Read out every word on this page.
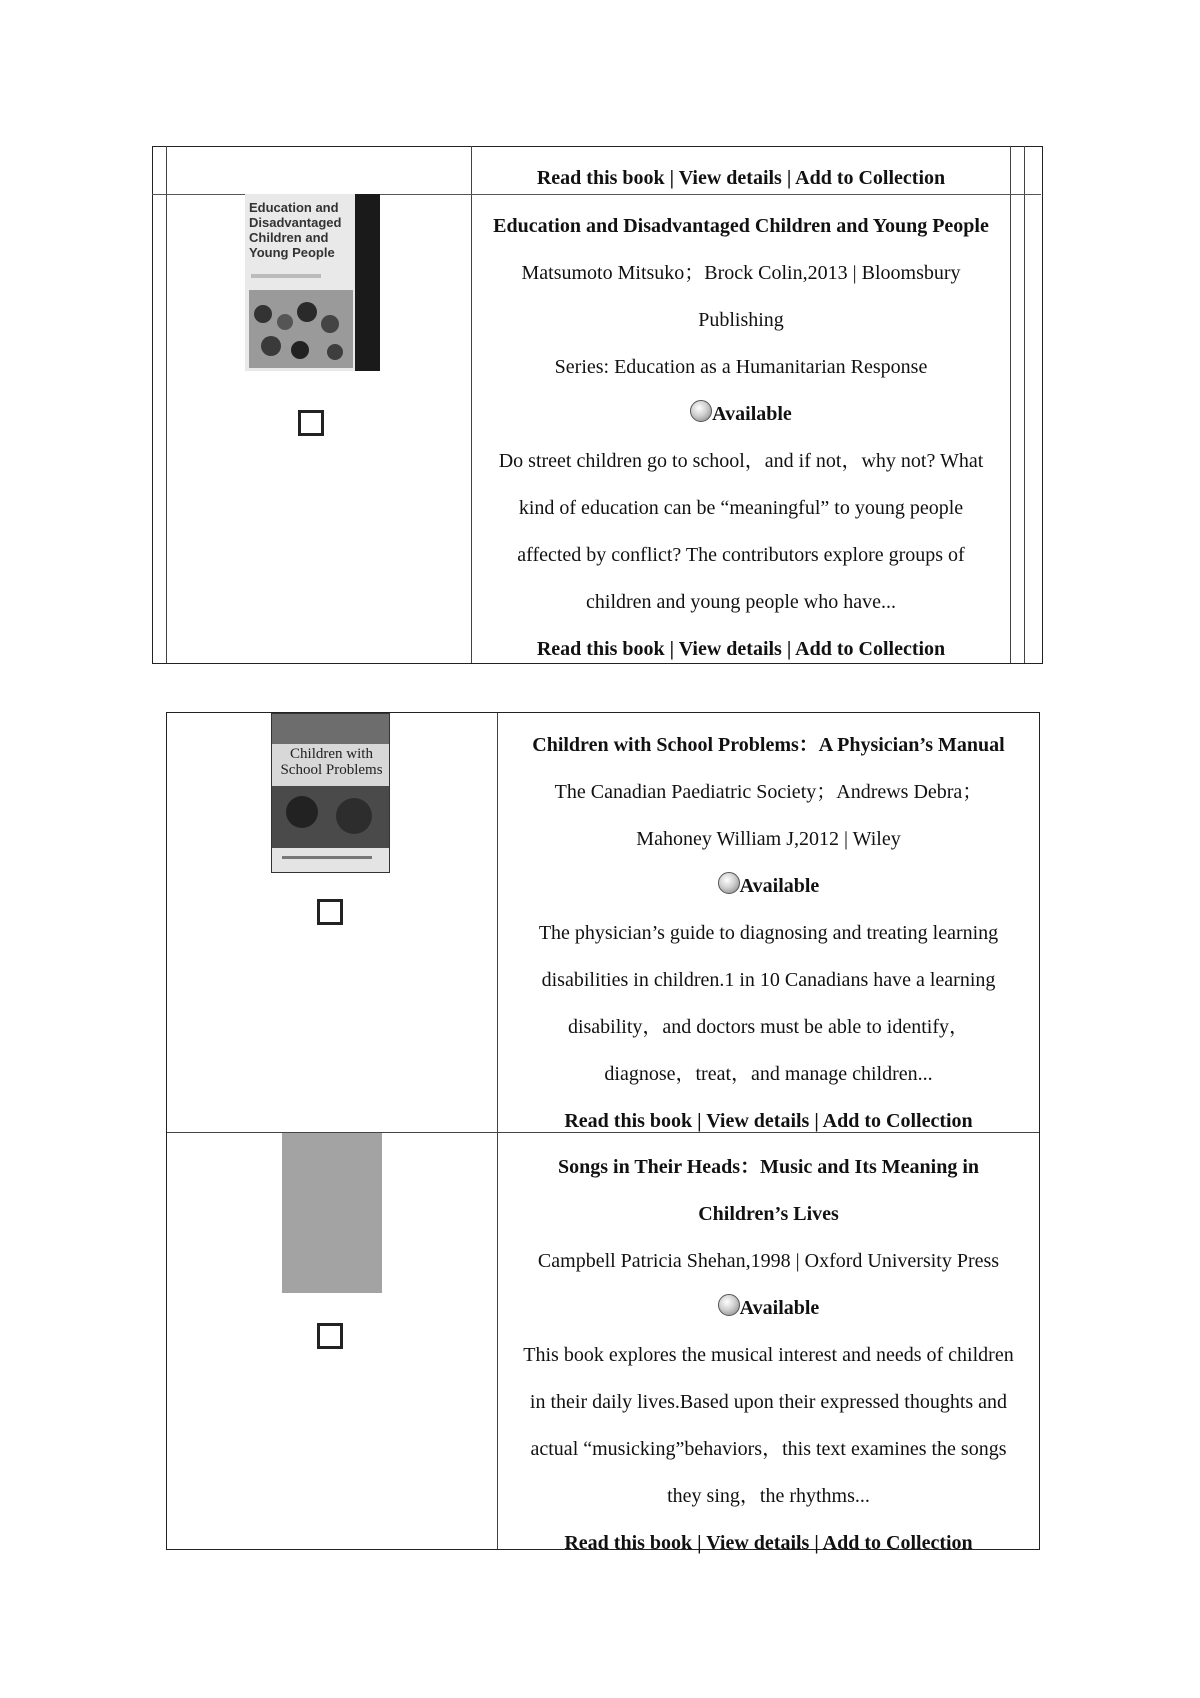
Read this book | View details | Add to Collection
Education and
Disadvantaged
Children and
Young People
Education and Disadvantaged Children and Young People
Matsumoto Mitsuko；Brock Colin,2013 | Bloomsbury
Publishing
Series: Education as a Humanitarian Response
Available
Do street children go to school，and if not，why not? What
kind of education can be “meaningful” to young people
affected by conflict? The contributors explore groups of
children and young people who have...
Read this book | View details | Add to Collection
Children with
School Problems
Children with School Problems：A Physician’s Manual
The Canadian Paediatric Society；Andrews Debra；
Mahoney William J,2012 | Wiley
Available
The physician’s guide to diagnosing and treating learning
disabilities in children.1 in 10 Canadians have a learning
disability，and doctors must be able to identify，
diagnose，treat，and manage children...
Read this book | View details | Add to Collection
Songs in Their Heads：Music and Its Meaning in
Children’s Lives
Campbell Patricia Shehan,1998 | Oxford University Press
Available
This book explores the musical interest and needs of children
in their daily lives.Based upon their expressed thoughts and
actual “musicking”behaviors，this text examines the songs
they sing，the rhythms...
Read this book | View details | Add to Collection
